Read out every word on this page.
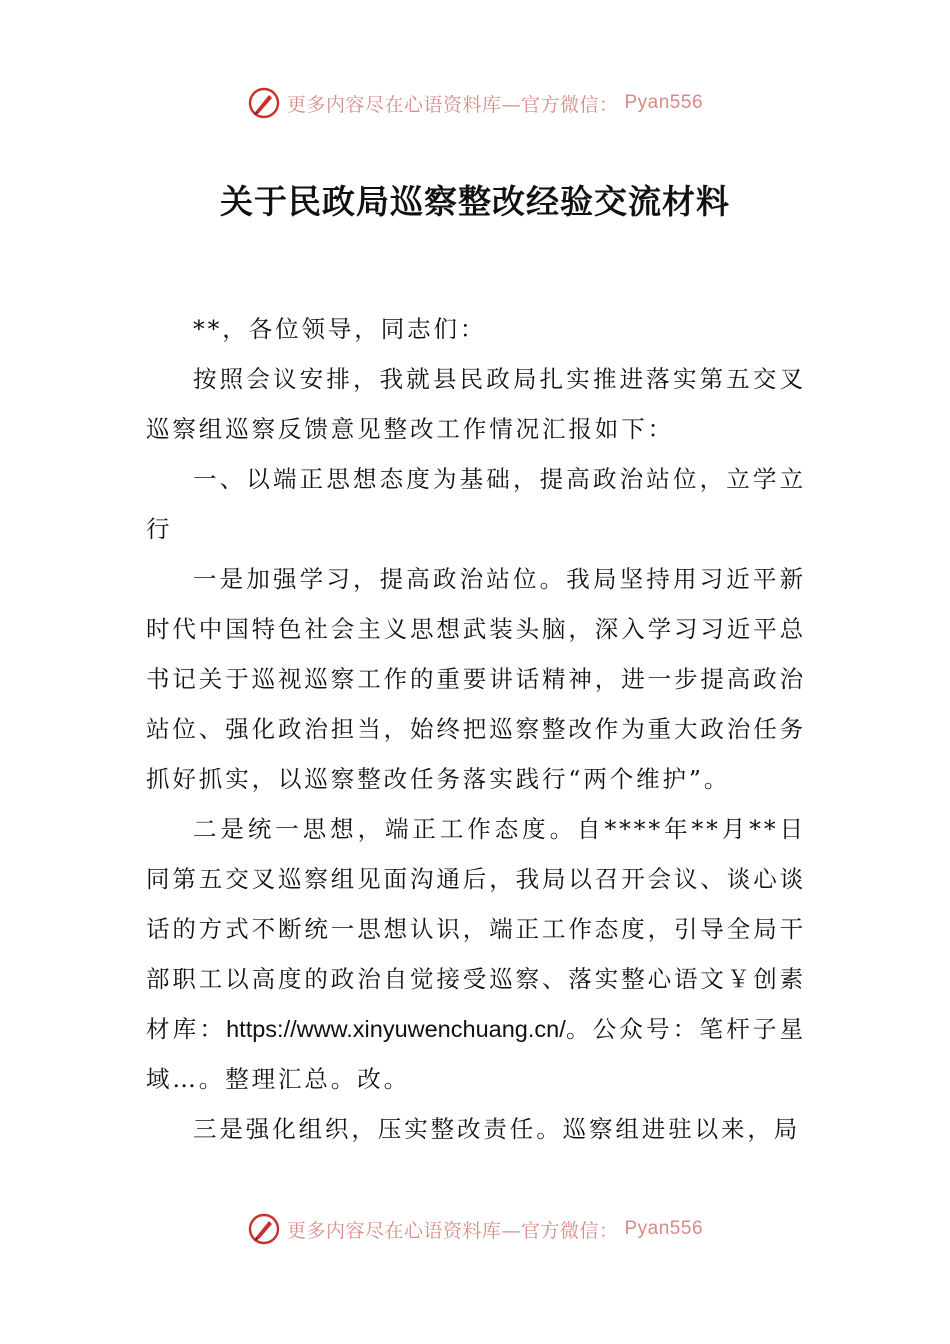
更多内容尽在心语资料库—官方微信： Pyan556
关于民政局巡察整改经验交流材料

**，各位领导，同志们：

按照会议安排，我就县民政局扎实推进落实第五交叉巡察组巡察反馈意见整改工作情况汇报如下：

一、以端正思想态度为基础，提高政治站位，立学立行

一是加强学习，提高政治站位。我局坚持用习近平新时代中国特色社会主义思想武装头脑，深入学习习近平总书记关于巡视巡察工作的重要讲话精神，进一步提高政治站位、强化政治担当，始终把巡察整改作为重大政治任务抓好抓实，以巡察整改任务落实践行“两个维护”。

二是统一思想，端正工作态度。自****年**月**日同第五交叉巡察组见面沟通后，我局以召开会议、谈心谈话的方式不断统一思想认识，端正工作态度，引导全局干部职工以高度的政治自觉接受巡察、落实整心语文￥创素材库：https://www.xinyuwenchuang.cn/。公众号：笔杆子星域…。整理汇总。改。

三是强化组织，压实整改责任。巡察组进驻以来，局

更多内容尽在心语资料库—官方微信： Pyan556
